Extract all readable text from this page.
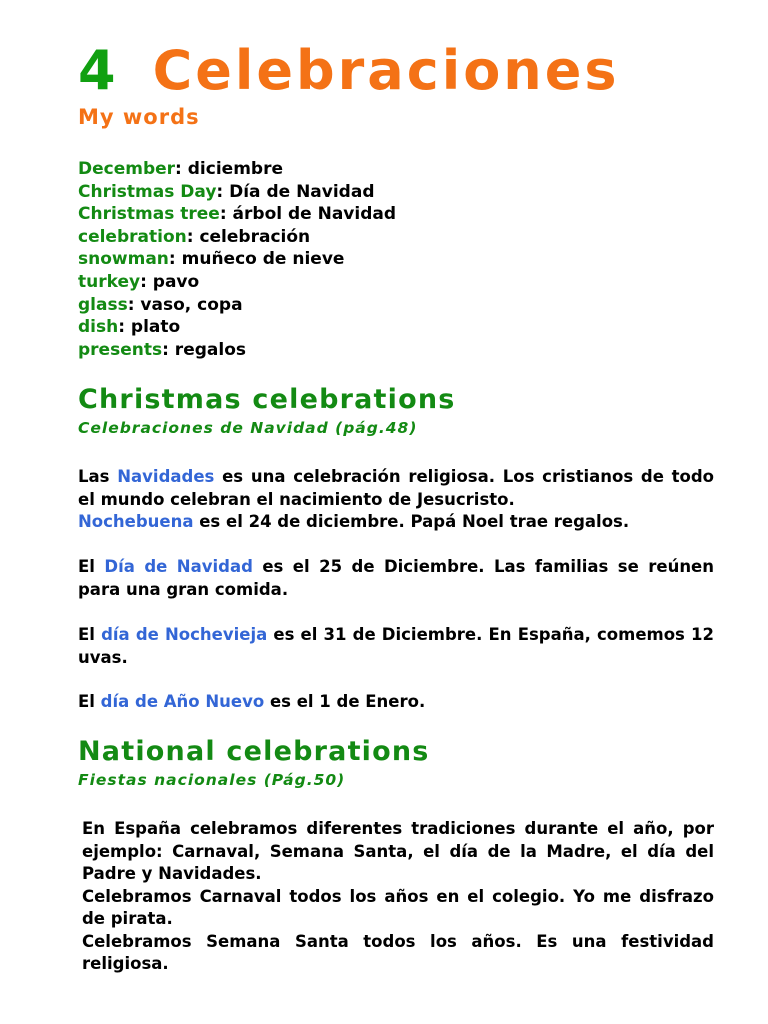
4 Celebraciones
My words
December: diciembre
Christmas Day: Día de Navidad
Christmas tree: árbol de Navidad
celebration: celebración
snowman: muñeco de nieve
turkey: pavo
glass: vaso, copa
dish: plato
presents: regalos
Christmas celebrations
Celebraciones de Navidad (pág.48)

Las Navidades es una celebración religiosa. Los cristianos de todo el mundo celebran el nacimiento de Jesucristo.
Nochebuena es el 24 de diciembre. Papá Noel trae regalos.

El Día de Navidad es el 25 de Diciembre. Las familias se reúnen para una gran comida.

El día de Nochevieja es el 31 de Diciembre. En España, comemos 12 uvas.

El día de Año Nuevo es el 1 de Enero.

National celebrations
Fiestas nacionales (Pág.50)
En España celebramos diferentes tradiciones durante el año, por ejemplo: Carnaval, Semana Santa, el día de la Madre, el día del Padre y Navidades.
Celebramos Carnaval todos los años en el colegio. Yo me disfrazo de pirata.
Celebramos Semana Santa todos los años. Es una festividad religiosa.
